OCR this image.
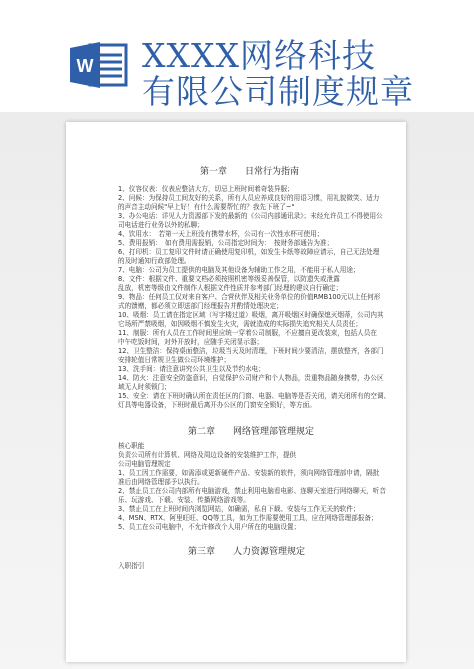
W XXXX网络科技
有限公司制度规章
第一章　　日常行为指南
1、仪容仪表：仪表应整洁大方，切忌上班时间着奇装异服；
2、问候：为保持员工间友好的关系，所有人员应养成良好的用语习惯，用礼貌微笑、适力
的声音主动问候"早上好！有什么需要帮忙的？我先下班了~"
3、办公电话：详见人力资源部下发的最新的《公司内部通讯录》；未经允许员工不得使用公
司电话进行业务以外的私聊；
4、饮用水：　若第一天上班没有携带水杯，公司有一次性水杯可使用；
5、费用报销：　如有费用需报销，公司指定时间为：　按财务部通告为准；
6、打印机：员工复印文件时请正确使用复印机，如发生卡纸等故障应请示，自己无法处理
的及时通知行政部处理。
7、电脑：公司为员工提供的电脑及其他设备为辅助工作之用，不能用于私人用途；
8、文件：根据文件、重要文档必须按照机密等级妥善保管，以防遗失或泄露
乱放，机密等级由文件制作人根据文件性质并参考部门经理的建议自行确定；
9、物品：任何员工仅对来自客户、合营伙伴及相关业务单位的价值RMB100元以上任何形
式的馈赠，都必须立即送部门经理报告并酌情处理决定；
10、吸烟：员工请在指定区域（写字楼过道）吸烟，离开吸烟区时确保熄灭烟蒂，公司内其
它场所严禁吸烟，如因吸烟不慎发生火灾，需就造成的实际损失追究相关人员责任；
11、制服：所有人员在工作时间里应统一穿着公司制服，不应擅自更改装束，包括人员在
中午吃饭时间，对外开放时，应随手关闭显示器；
12、卫生整洁：保持桌面整洁，垃圾当天及时清理，下班时间少要清洁，摆放整齐，各部门
安排轮值日常规卫生做公司环境维护；
13、洗手间：请注意讲究公共卫生以及节约水电；
14、防火：注意安全防盗意识，自觉保护公司财产和个人物品，贵重物品随身携带，办公区
域无人时须锁门；
15、安全：请在下班时确认所在责任区的门窗、电器、电脑等是否关闭，请关闭所有的空调、
灯具等电器设备，下班时最后离开办公区的门窗安全锁好，等方面。
第二章　　网络管理部管理规定
核心职能
负责公司所有计算机、网络及周边设备的安装维护工作，提供
公司电脑管理规定
1、员工因工作需要，如需添或更新硬件产品、安装新的软件，须向网络管理部申请，隔批
准后由网络管理部予以执行。
2、禁止员工在公司内部所有电脑游戏，禁止利用电脑看电影、连聊天室进行网络聊天，听音
乐、玩游戏、下载、安装、传播网络游戏等。
3、禁止员工在上班时间内浏览网站，如确需，私自下载、安装与工作无关的软件；
4、MSN、RTX、阿里旺旺、QQ等工具，如为工作需要使用工具，应在网络管理部报备；
5、员工在公司电脑中，不允许修改个人用户所在的电脑设置；
第三章　　人力资源管理规定
入职指引
